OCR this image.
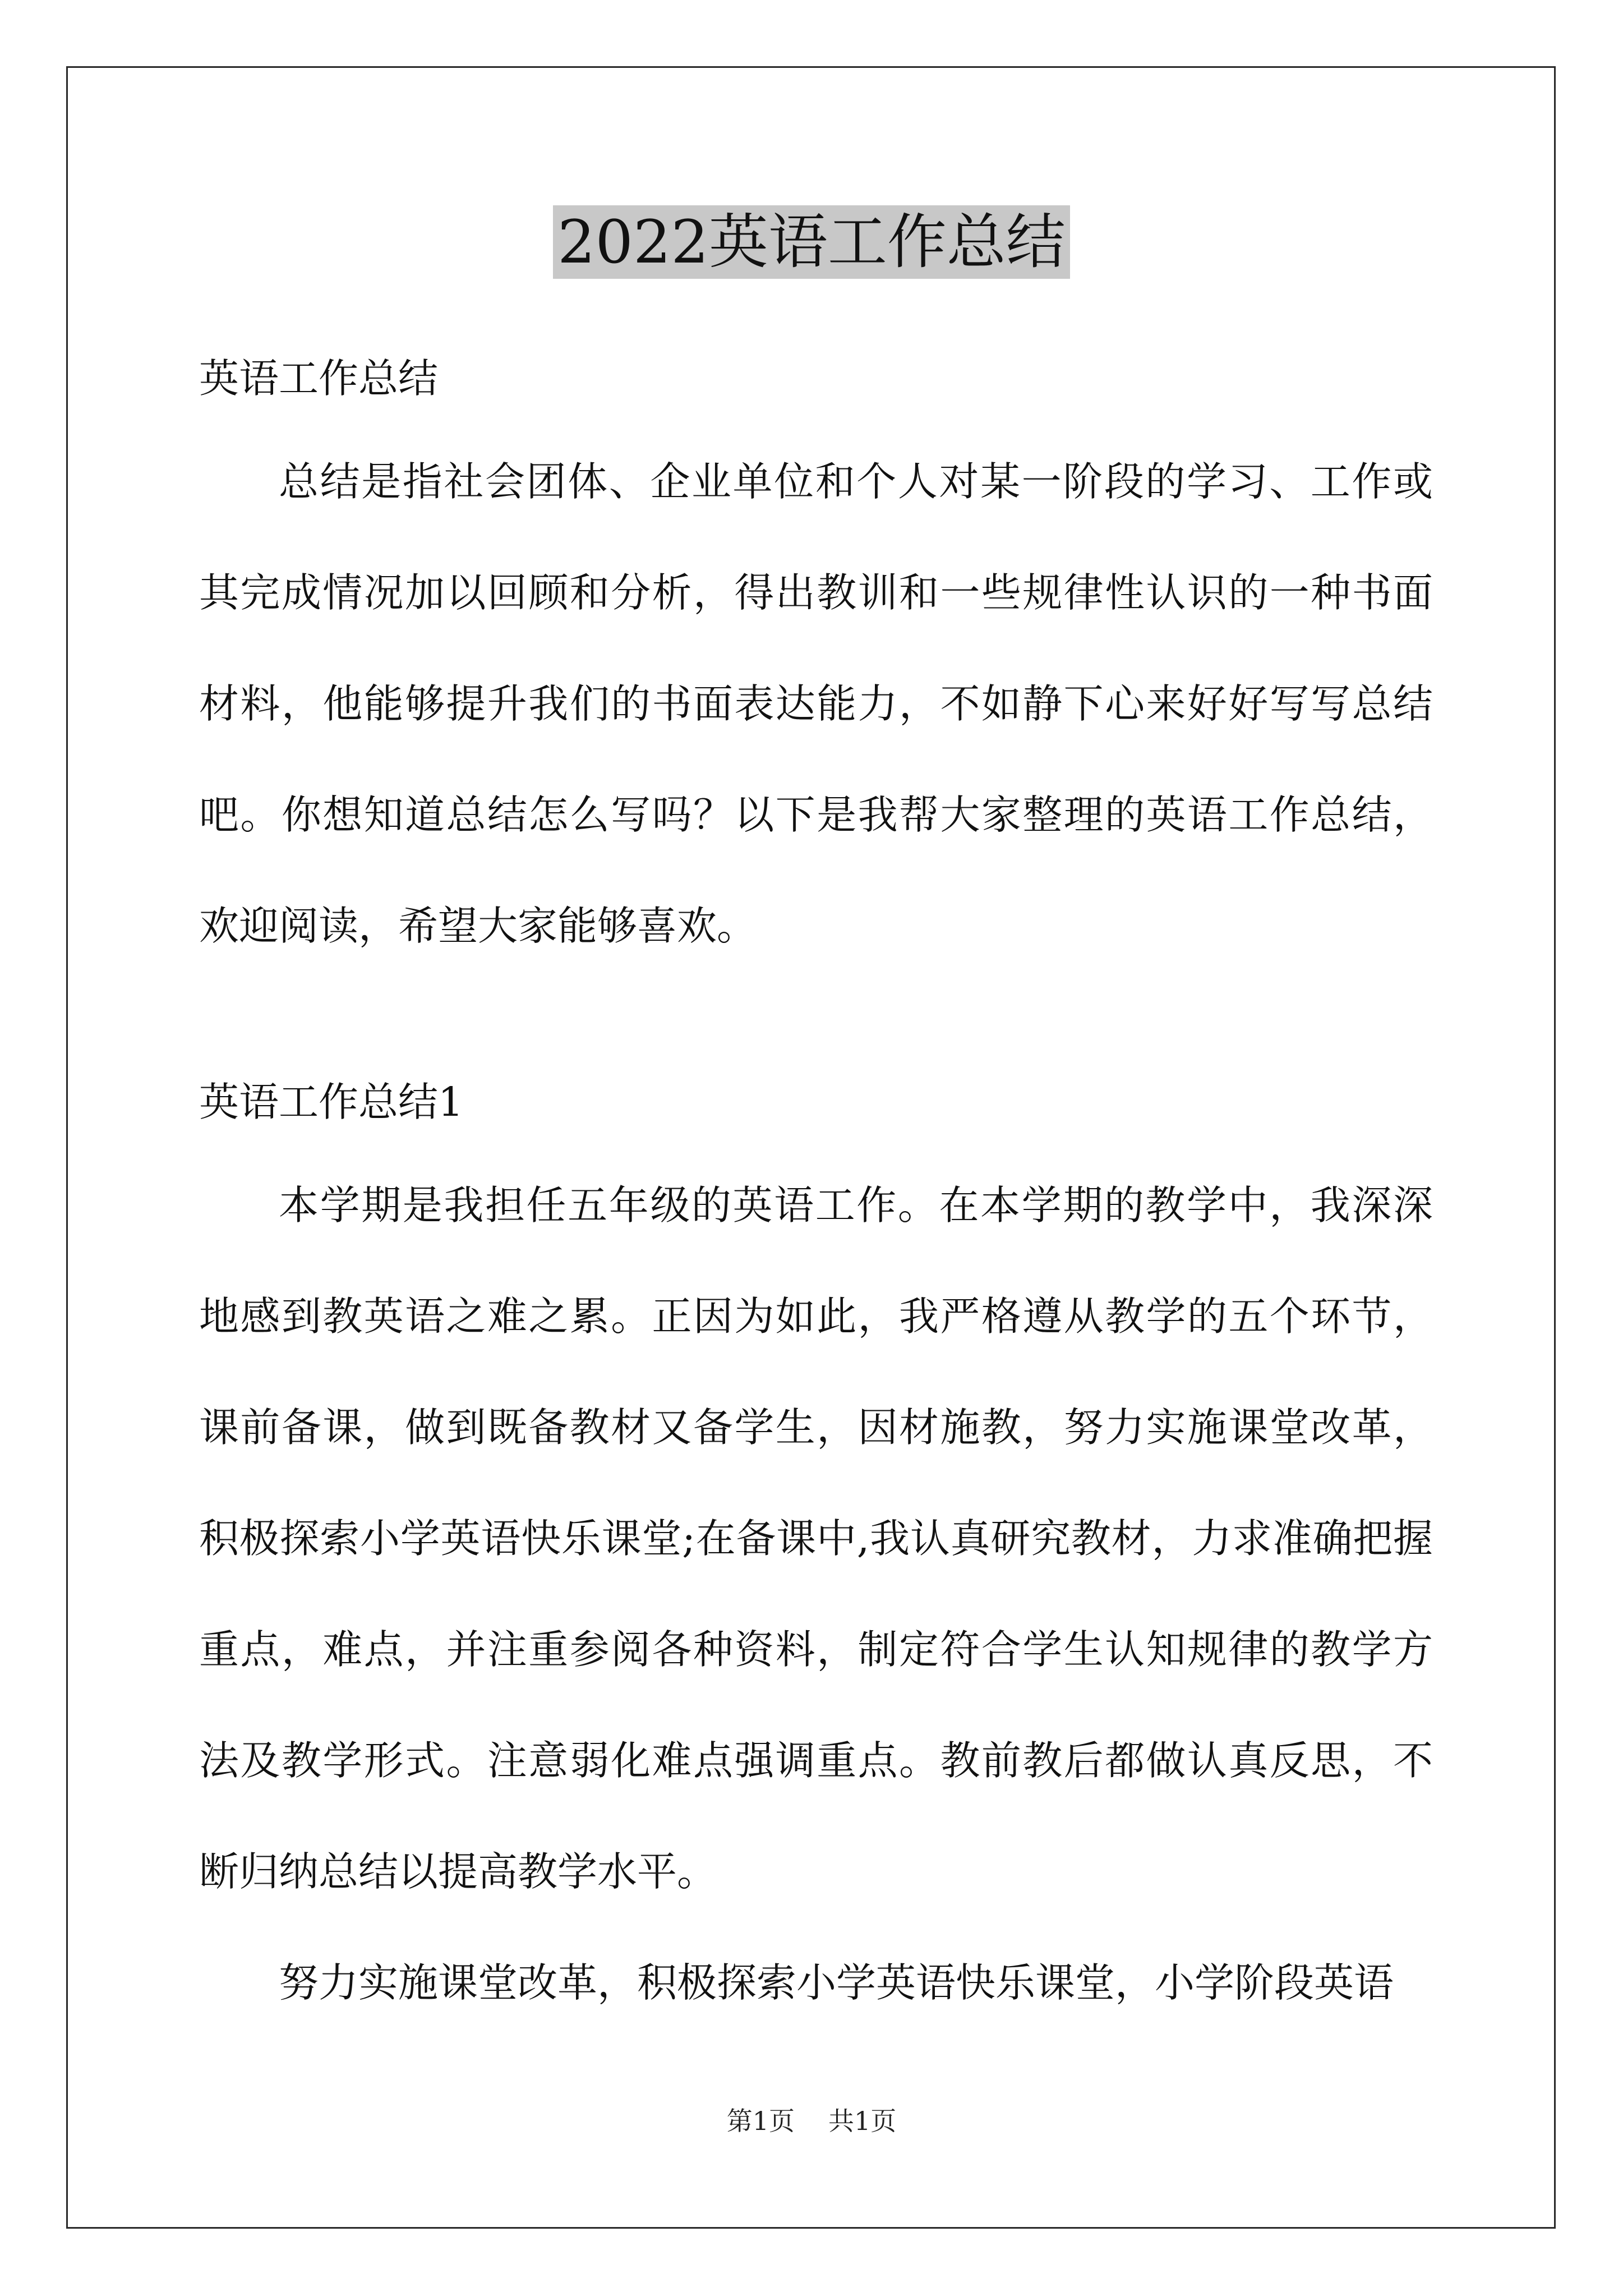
2022英语工作总结

英语工作总结

总结是指社会团体、企业单位和个人对某一阶段的学习、工作或其完成情况加以回顾和分析，得出教训和一些规律性认识的一种书面材料，他能够提升我们的书面表达能力，不如静下心来好好写写总结吧。你想知道总结怎么写吗？以下是我帮大家整理的英语工作总结，欢迎阅读，希望大家能够喜欢。

英语工作总结1

本学期是我担任五年级的英语工作。在本学期的教学中，我深深地感到教英语之难之累。正因为如此，我严格遵从教学的五个环节，课前备课，做到既备教材又备学生，因材施教，努力实施课堂改革，积极探索小学英语快乐课堂;在备课中,我认真研究教材，力求准确把握重点，难点，并注重参阅各种资料，制定符合学生认知规律的教学方法及教学形式。注意弱化难点强调重点。教前教后都做认真反思，不断归纳总结以提高教学水平。

努力实施课堂改革，积极探索小学英语快乐课堂，小学阶段英语

第1页 共1页
